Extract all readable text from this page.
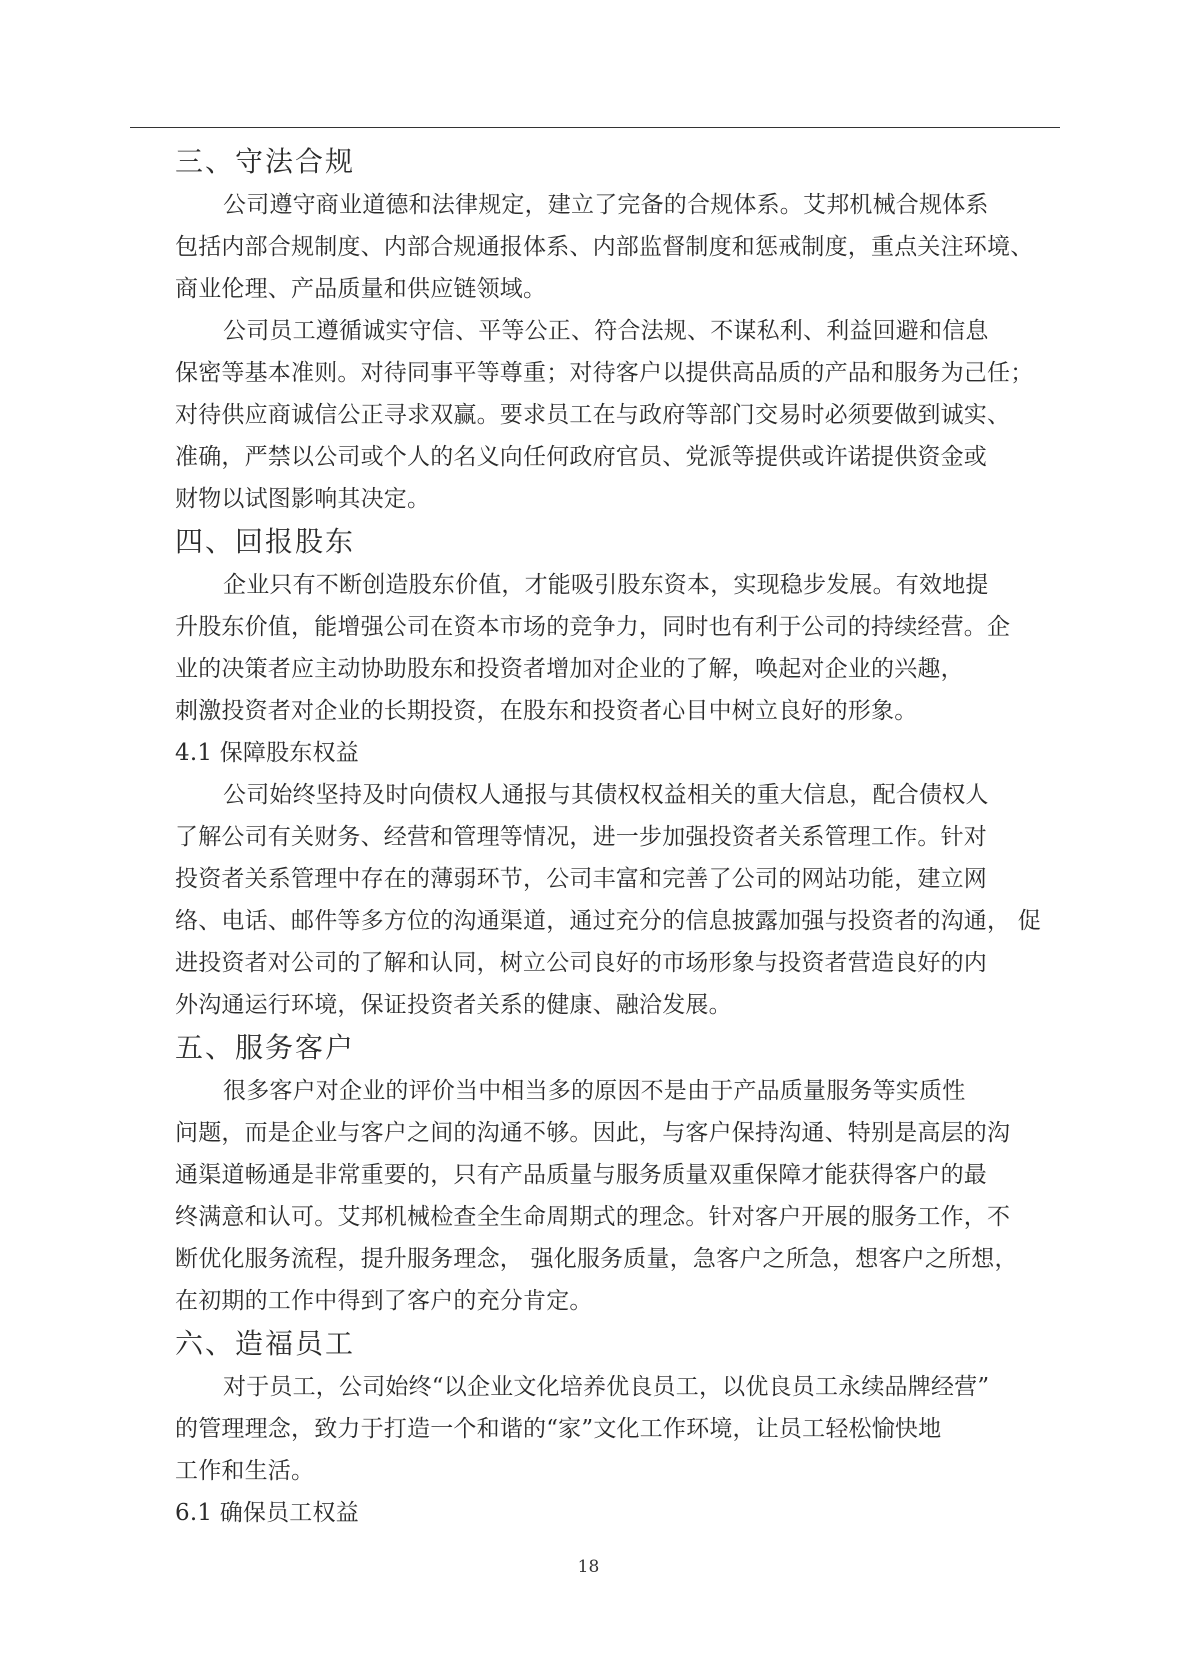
三、守法合规
公司遵守商业道德和法律规定，建立了完备的合规体系。艾邦机械合规体系
包括内部合规制度、内部合规通报体系、内部监督制度和惩戒制度，重点关注环境、
商业伦理、产品质量和供应链领域。
公司员工遵循诚实守信、平等公正、符合法规、不谋私利、利益回避和信息
保密等基本准则。对待同事平等尊重；对待客户以提供高品质的产品和服务为己任；
对待供应商诚信公正寻求双赢。要求员工在与政府等部门交易时必须要做到诚实、
准确，严禁以公司或个人的名义向任何政府官员、党派等提供或许诺提供资金或
财物以试图影响其决定。
四、回报股东
企业只有不断创造股东价值，才能吸引股东资本，实现稳步发展。有效地提
升股东价值，能增强公司在资本市场的竞争力，同时也有利于公司的持续经营。企
业的决策者应主动协助股东和投资者增加对企业的了解，唤起对企业的兴趣，
刺激投资者对企业的长期投资，在股东和投资者心目中树立良好的形象。
4.1 保障股东权益
公司始终坚持及时向债权人通报与其债权权益相关的重大信息，配合债权人
了解公司有关财务、经营和管理等情况，进一步加强投资者关系管理工作。针对
投资者关系管理中存在的薄弱环节，公司丰富和完善了公司的网站功能，建立网
络、电话、邮件等多方位的沟通渠道，通过充分的信息披露加强与投资者的沟通， 促
进投资者对公司的了解和认同，树立公司良好的市场形象与投资者营造良好的内
外沟通运行环境，保证投资者关系的健康、融洽发展。
五、服务客户
很多客户对企业的评价当中相当多的原因不是由于产品质量服务等实质性
问题，而是企业与客户之间的沟通不够。因此，与客户保持沟通、特别是高层的沟
通渠道畅通是非常重要的，只有产品质量与服务质量双重保障才能获得客户的最
终满意和认可。艾邦机械检查全生命周期式的理念。针对客户开展的服务工作，不
断优化服务流程，提升服务理念， 强化服务质量，急客户之所急，想客户之所想，
在初期的工作中得到了客户的充分肯定。
六、造福员工
对于员工，公司始终“以企业文化培养优良员工，以优良员工永续品牌经营”
的管理理念，致力于打造一个和谐的“家”文化工作环境，让员工轻松愉快地
工作和生活。
6.1 确保员工权益
18
